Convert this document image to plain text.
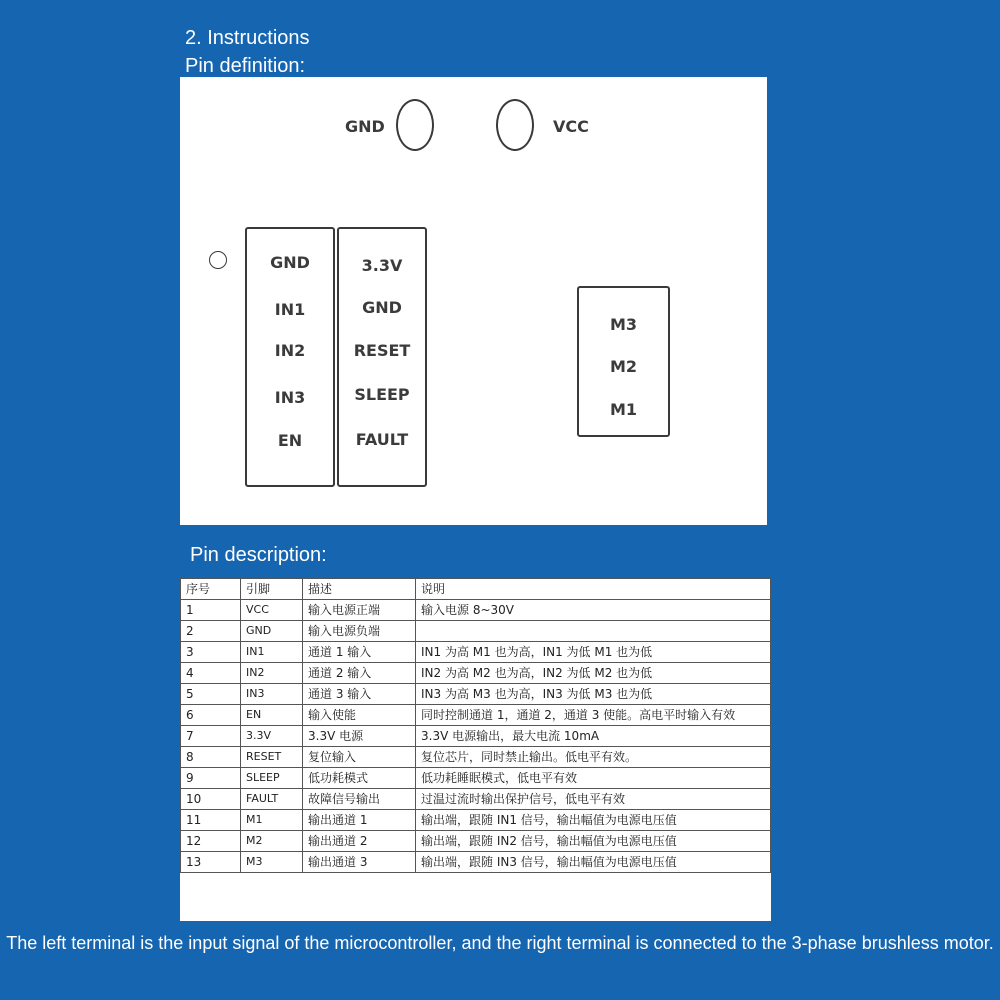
2. Instructions
Pin definition:
GND	VCC
GND
IN1
IN2
IN3
EN
3.3V
GND
RESET
SLEEP
FAULT
M3
M2
M1
Pin description:
序号	引脚	描述	说明
1	VCC	输入电源正端	输入电源 8~30V
2	GND	输入电源负端	
3	IN1	通道 1 输入	IN1 为高 M1 也为高，IN1 为低 M1 也为低
4	IN2	通道 2 输入	IN2 为高 M2 也为高，IN2 为低 M2 也为低
5	IN3	通道 3 输入	IN3 为高 M3 也为高，IN3 为低 M3 也为低
6	EN	输入使能	同时控制通道 1，通道 2，通道 3 使能。高电平时输入有效
7	3.3V	3.3V 电源	3.3V 电源输出，最大电流 10mA
8	RESET	复位输入	复位芯片，同时禁止输出。低电平有效。
9	SLEEP	低功耗模式	低功耗睡眠模式，低电平有效
10	FAULT	故障信号输出	过温过流时输出保护信号，低电平有效
11	M1	输出通道 1	输出端，跟随 IN1 信号，输出幅值为电源电压值
12	M2	输出通道 2	输出端，跟随 IN2 信号，输出幅值为电源电压值
13	M3	输出通道 3	输出端，跟随 IN3 信号，输出幅值为电源电压值
The left terminal is the input signal of the microcontroller, and the right terminal is connected to the 3-phase brushless motor.
